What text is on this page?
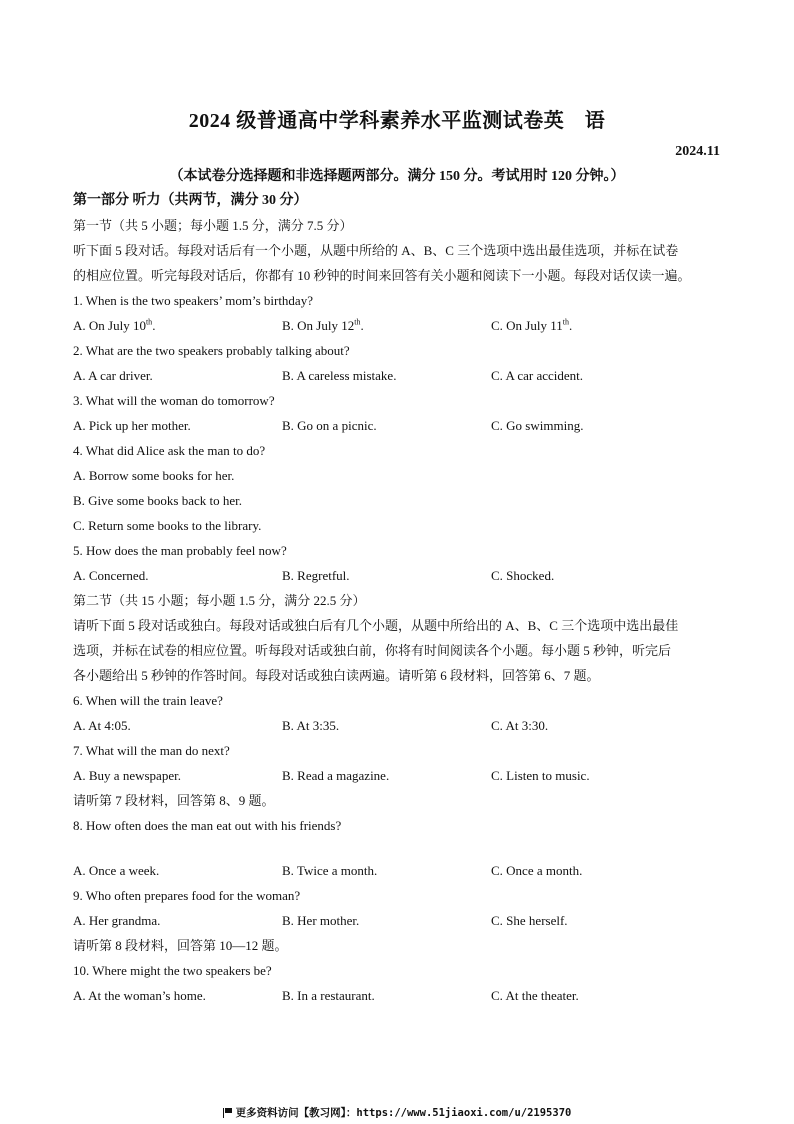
2024 级普通高中学科素养水平监测试卷英　语
2024.11
（本试卷分选择题和非选择题两部分。满分 150 分。考试用时 120 分钟。）
第一部分 听力（共两节，满分 30 分）
第一节（共 5 小题；每小题 1.5 分，满分 7.5 分）
听下面 5 段对话。每段对话后有一个小题，从题中所给的 A、B、C 三个选项中选出最佳选项，并标在试卷
的相应位置。听完每段对话后，你都有 10 秒钟的时间来回答有关小题和阅读下一小题。每段对话仅读一遍。
1. When is the two speakers’ mom’s birthday?
A. On July 10th.	B. On July 12th.	C. On July 11th.
2. What are the two speakers probably talking about?
A. A car driver.	B. A careless mistake.	C. A car accident.
3. What will the woman do tomorrow?
A. Pick up her mother.	B. Go on a picnic.	C. Go swimming.
4. What did Alice ask the man to do?
A. Borrow some books for her.
B. Give some books back to her.
C. Return some books to the library.
5. How does the man probably feel now?
A. Concerned.	B. Regretful.	C. Shocked.
第二节（共 15 小题；每小题 1.5 分，满分 22.5 分）
请听下面 5 段对话或独白。每段对话或独白后有几个小题，从题中所给出的 A、B、C 三个选项中选出最佳
选项，并标在试卷的相应位置。听每段对话或独白前，你将有时间阅读各个小题。每小题 5 秒钟，听完后
各小题给出 5 秒钟的作答时间。每段对话或独白读两遍。请听第 6 段材料，回答第 6、7 题。
6. When will the train leave?
A. At 4:05.	B. At 3:35.	C. At 3:30.
7. What will the man do next?
A. Buy a newspaper.	B. Read a magazine.	C. Listen to music.
请听第 7 段材料，回答第 8、9 题。
8. How often does the man eat out with his friends?
A. Once a week.	B. Twice a month.	C. Once a month.
9. Who often prepares food for the woman?
A. Her grandma.	B. Her mother.	C. She herself.
请听第 8 段材料，回答第 10—12 题。
10. Where might the two speakers be?
A. At the woman’s home.	B. In a restaurant.	C. At the theater.
更多资料访问【教习网】：https://www.51jiaoxi.com/u/2195370
